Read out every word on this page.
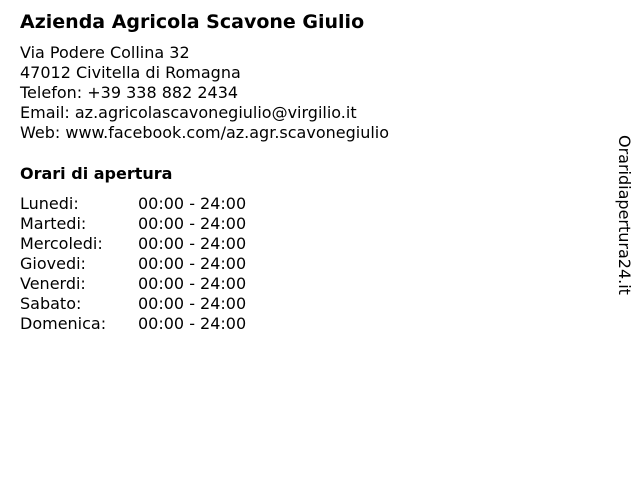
Azienda Agricola Scavone Giulio
Via Podere Collina 32
47012 Civitella di Romagna
Telefon: +39 338 882 2434
Email: az.agricolascavonegiulio@virgilio.it
Web: www.facebook.com/az.agr.scavonegiulio
Orari di apertura
Lunedi:	00:00 - 24:00
Martedi:	00:00 - 24:00
Mercoledi: 00:00 - 24:00
Giovedi:	00:00 - 24:00
Venerdi:	00:00 - 24:00
Sabato:	00:00 - 24:00
Domenica: 00:00 - 24:00
Oraridiapertura24.it
